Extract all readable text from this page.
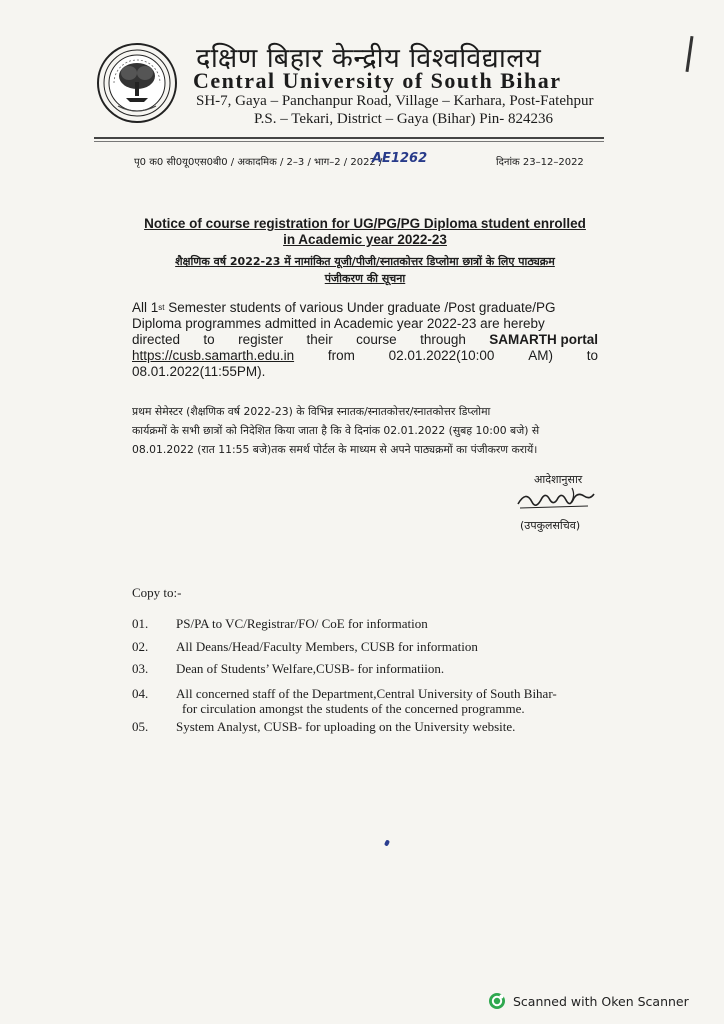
दक्षिण बिहार केन्द्रीय विश्वविद्यालय
Central University of South Bihar
SH-7, Gaya – Panchanpur Road, Village – Karhara, Post-Fatehpur
P.S. – Tekari, District – Gaya (Bihar) Pin- 824236
पृ0 क0 सी0यू0एस0बी0 / अकादमिक / 2–3 / भाग–2 / 2022 /
AE1262	दिनांक 23–12–2022
Notice of course registration for UG/PG/PG Diploma student enrolled
in Academic year 2022-23
शैक्षणिक वर्ष 2022-23 में नामांकित यूजी/पीजी/स्नातकोत्तर डिप्लोमा छात्रों के लिए पाठ्यक्रम
पंजीकरण की सूचना
All 1 st
Semester students of various Under graduate /Post graduate/PG
Diploma programmes admitted in Academic year 2022-23 are hereby
directed to register their course through SAMARTH portal
https://cusb.samarth.edu.in	from	02.01.2022(10:00	AM)	to
08.01.2022(11:55PM).
प्रथम सेमेस्टर (शैक्षणिक वर्ष 2022-23) के विभिन्न स्नातक/स्नातकोत्तर/स्नातकोत्तर डिप्लोमा
कार्यक्रमों के सभी छात्रों को निदेशित किया जाता है कि वे दिनांक 02.01.2022 (सुबह 10:00 बजे) से
08.01.2022 (रात 11:55 बजे)तक समर्थ पोर्टल के माध्यम से अपने पाठ्यक्रमों का पंजीकरण करायें।
आदेशानुसार
(उपकुलसचिव)
Copy to:-
01. PS/PA to VC/Registrar/FO/ CoE for information
02. All Deans/Head/Faculty Members, CUSB for information
03. Dean of Students’ Welfare,CUSB- for informatiion.
04. All concerned staff of the Department,Central University of South Bihar-
for circulation amongst the students of the concerned programme.
05. System Analyst, CUSB- for uploading on the University website.
Scanned with Oken Scanner
